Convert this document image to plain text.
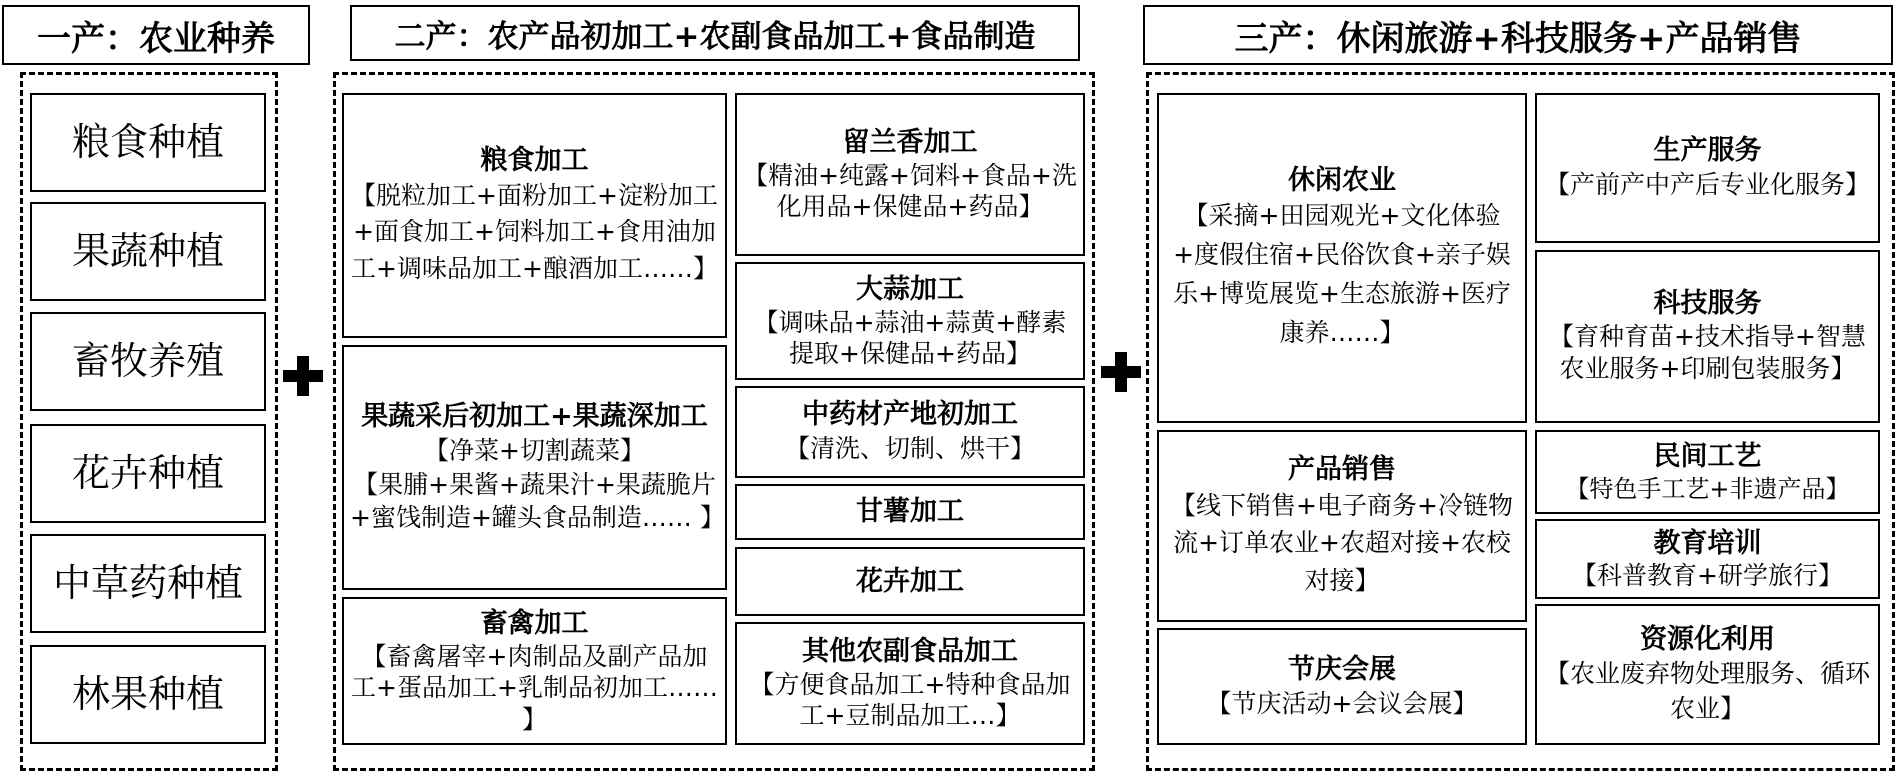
一产：农业种养	二产：农产品初加工+农副食品加工+食品制造	三产：休闲旅游+科技服务+产品销售
粮食种植
果蔬种植
畜牧养殖
花卉种植
中草药种植
林果种植
粮食加工
【脱粒加工+面粉加工+淀粉加工+面食加工+饲料加工+食用油加工+调味品加工+酿酒加工……】
果蔬采后初加工+果蔬深加工
【净菜+切割蔬菜】
【果脯+果酱+蔬果汁+果蔬脆片+蜜饯制造+罐头食品制造…… 】
畜禽加工
【畜禽屠宰+肉制品及副产品加工+蛋品加工+乳制品初加工…… 】
留兰香加工
【精油+纯露+饲料+食品+洗化用品+保健品+药品】
大蒜加工
【调味品+蒜油+蒜黄+酵素提取+保健品+药品】
中药材产地初加工
【清洗、切制、烘干】
甘薯加工
花卉加工
其他农副食品加工
【方便食品加工+特种食品加工+豆制品加工…】
休闲农业
【采摘+田园观光+文化体验+度假住宿+民俗饮食+亲子娱乐+博览展览+生态旅游+医疗康养……】
产品销售
【线下销售+电子商务+冷链物流+订单农业+农超对接+农校对接】
节庆会展
【节庆活动+会议会展】
生产服务
【产前产中产后专业化服务】
科技服务
【育种育苗+技术指导+智慧农业服务+印刷包装服务】
民间工艺
【特色手工艺+非遗产品】
教育培训
【科普教育+研学旅行】
资源化利用
【农业废弃物处理服务、循环农业】
